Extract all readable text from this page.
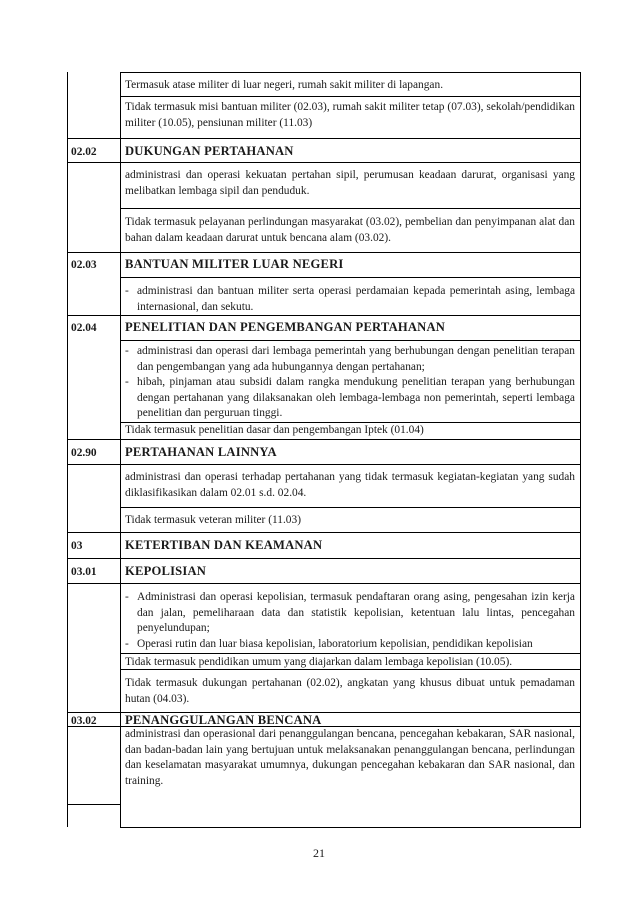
Termasuk atase militer di luar negeri, rumah sakit militer di lapangan.
Tidak termasuk misi bantuan militer (02.03), rumah sakit militer tetap (07.03), sekolah/pendidikan militer (10.05), pensiunan militer (11.03)
02.02 DUKUNGAN PERTAHANAN
administrasi dan operasi kekuatan pertahan sipil, perumusan keadaan darurat, organisasi yang melibatkan lembaga sipil dan penduduk.
Tidak termasuk pelayanan perlindungan masyarakat (03.02), pembelian dan penyimpanan alat dan bahan dalam keadaan darurat untuk bencana alam (03.02).
02.03 BANTUAN MILITER LUAR NEGERI
- administrasi dan bantuan militer serta operasi perdamaian kepada pemerintah asing, lembaga internasional, dan sekutu.
02.04 PENELITIAN DAN PENGEMBANGAN PERTAHANAN
- administrasi dan operasi dari lembaga pemerintah yang berhubungan dengan penelitian terapan dan pengembangan yang ada hubungannya dengan pertahanan;
- hibah, pinjaman atau subsidi dalam rangka mendukung penelitian terapan yang berhubungan dengan pertahanan yang dilaksanakan oleh lembaga-lembaga non pemerintah, seperti lembaga penelitian dan perguruan tinggi.
Tidak termasuk penelitian dasar dan pengembangan Iptek (01.04)
02.90 PERTAHANAN LAINNYA
administrasi dan operasi terhadap pertahanan yang tidak termasuk kegiatan-kegiatan yang sudah diklasifikasikan dalam 02.01 s.d. 02.04.
Tidak termasuk veteran militer (11.03)
03	KETERTIBAN DAN KEAMANAN
03.01 KEPOLISIAN
- Administrasi dan operasi kepolisian, termasuk pendaftaran orang asing, pengesahan izin kerja dan jalan, pemeliharaan data dan statistik kepolisian, ketentuan lalu lintas, pencegahan penyelundupan;
- Operasi rutin dan luar biasa kepolisian, laboratorium kepolisian, pendidikan kepolisian
Tidak termasuk pendidikan umum yang diajarkan dalam lembaga kepolisian (10.05).
Tidak termasuk dukungan pertahanan (02.02), angkatan yang khusus dibuat untuk pemadaman hutan (04.03).
03.02 PENANGGULANGAN BENCANA
administrasi dan operasional dari penanggulangan bencana, pencegahan kebakaran, SAR nasional, dan badan-badan lain yang bertujuan untuk melaksanakan penanggulangan bencana, perlindungan dan keselamatan masyarakat umumnya, dukungan pencegahan kebakaran dan SAR nasional, dan training.
21
